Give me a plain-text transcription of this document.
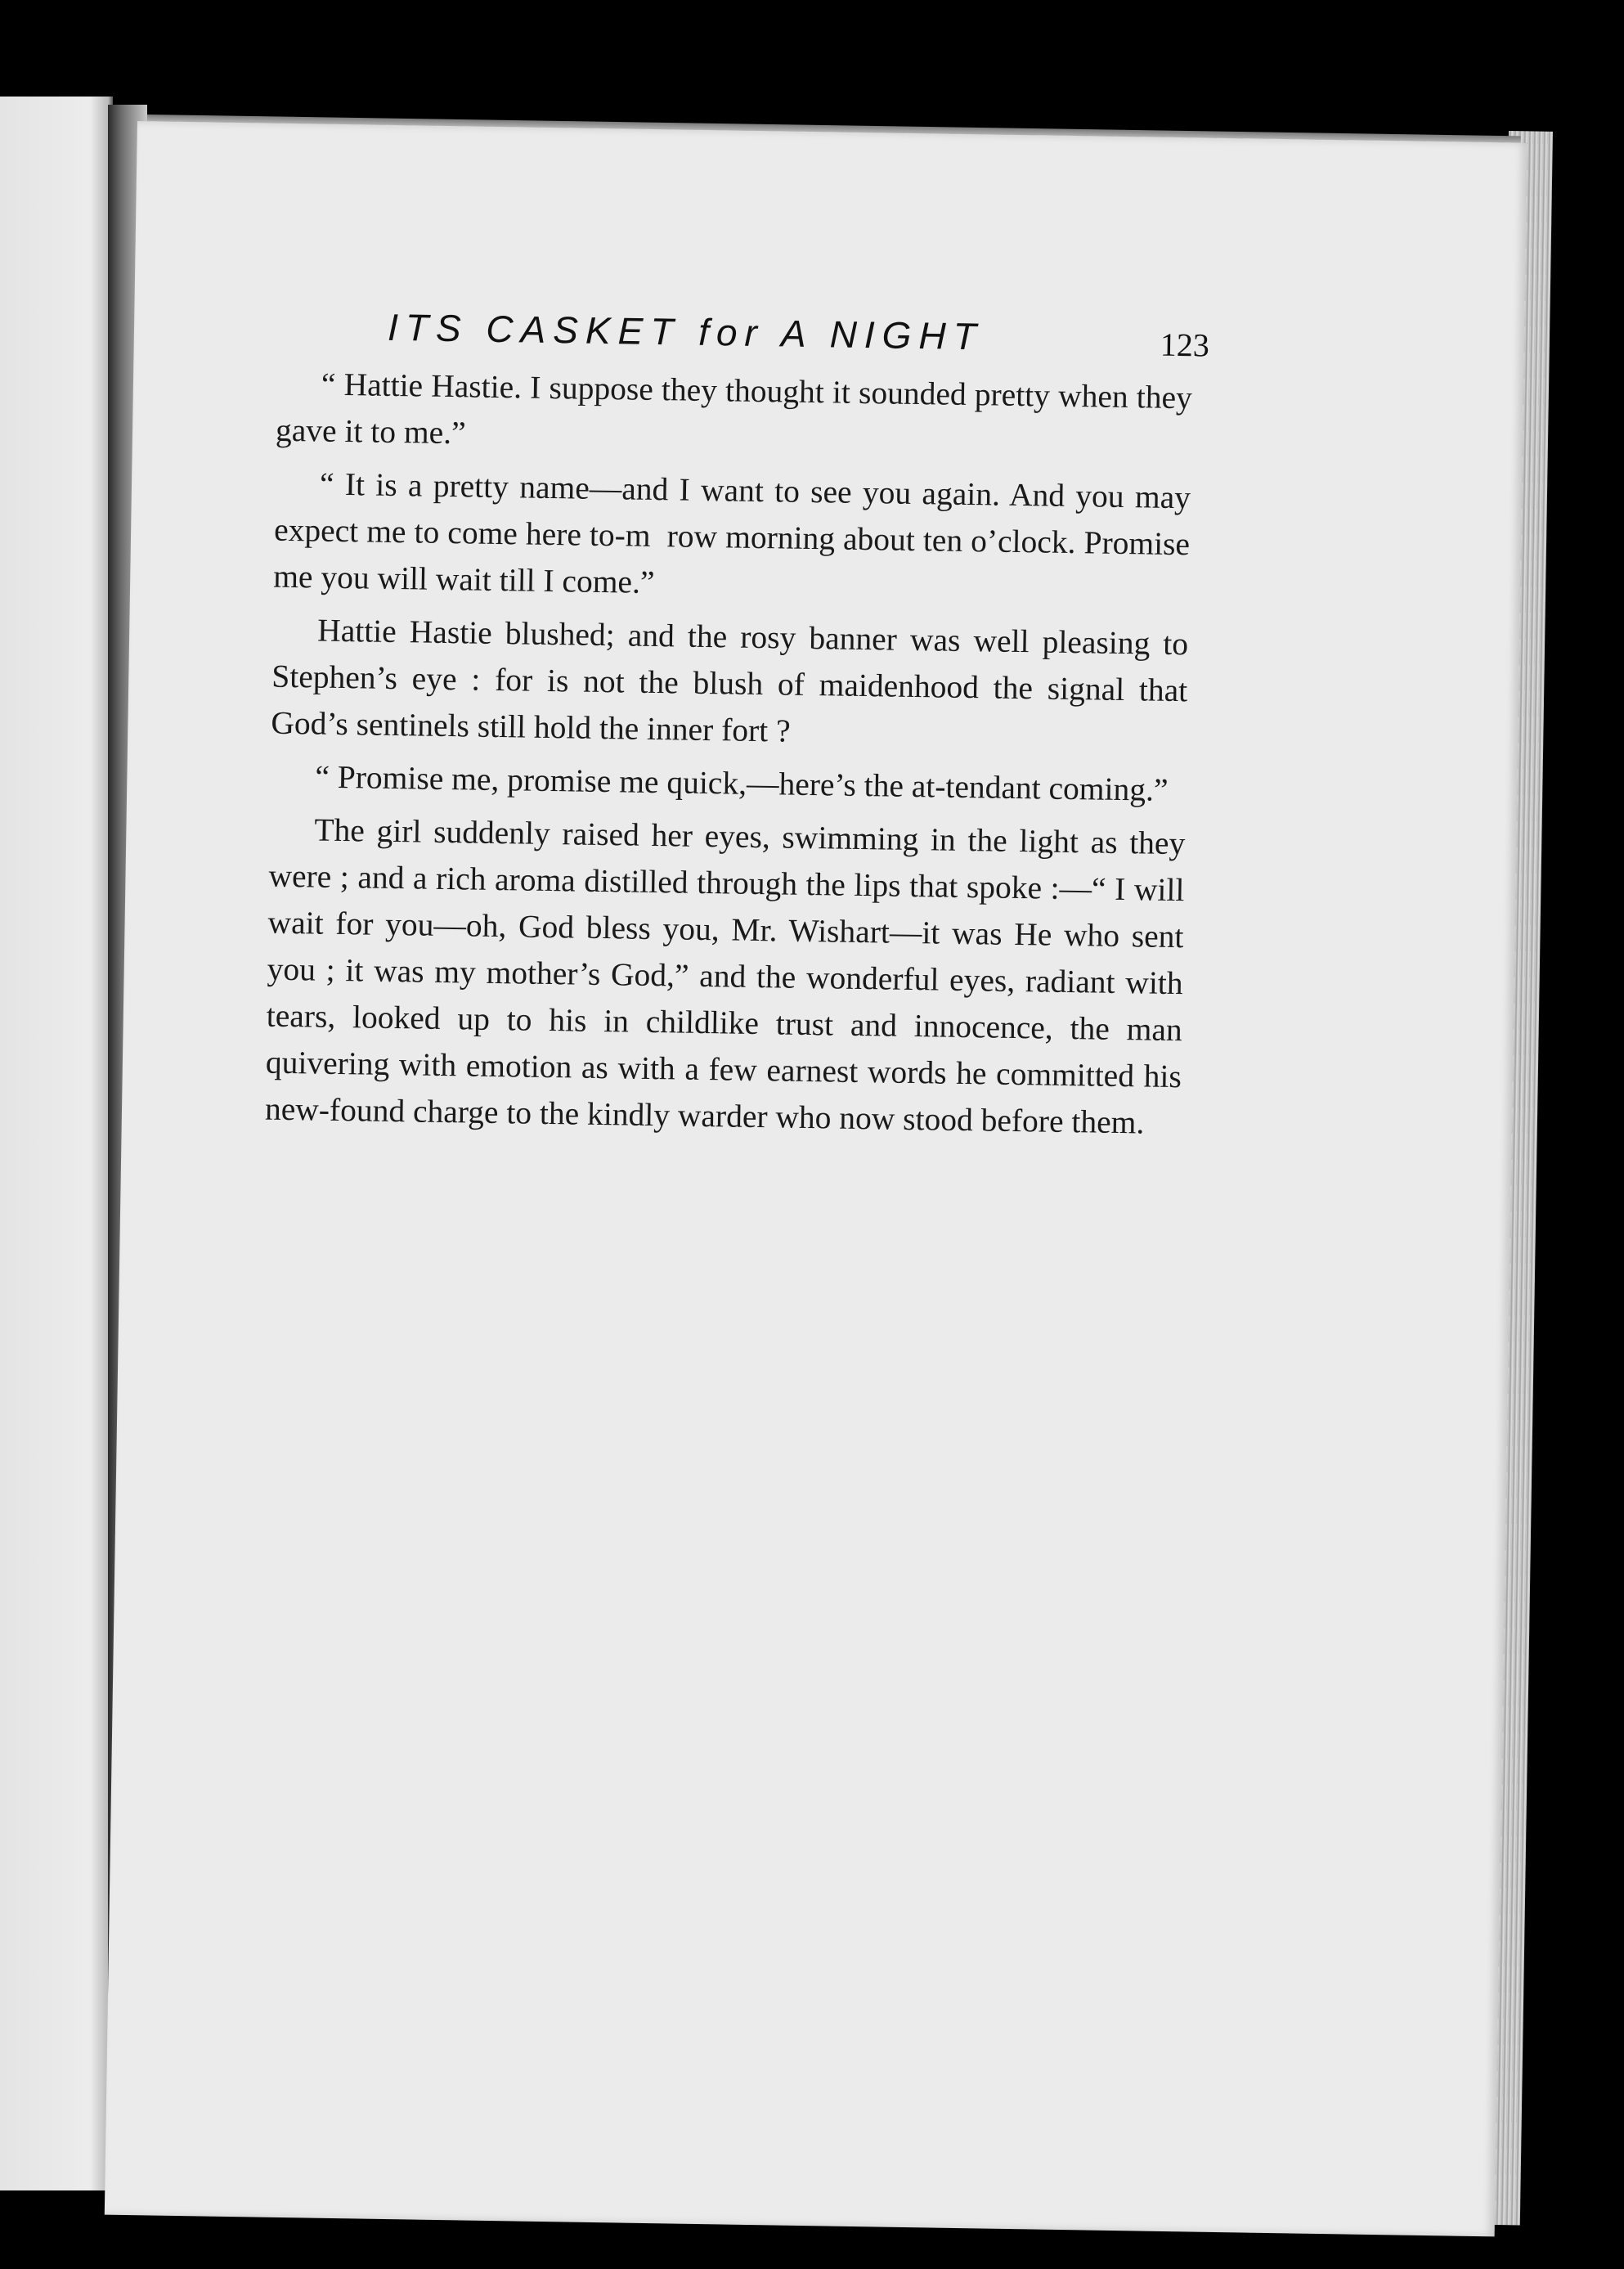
ITS CASKET for A NIGHT	123

“ Hattie Hastie. I suppose they thought it sounded pretty when they gave it to me.”

“ It is a pretty name—and I want to see you again. And you may expect me to come here to-m  row morning about ten o’clock. Promise me you will wait till I come.”

Hattie Hastie blushed; and the rosy banner was well pleasing to Stephen’s eye : for is not the blush of maidenhood the signal that God’s sentinels still hold the inner fort ?

“ Promise me, promise me quick,—here’s the at-tendant coming.”

The girl suddenly raised her eyes, swimming in the light as they were ; and a rich aroma distilled through the lips that spoke :—“ I will wait for you—oh, God bless you, Mr. Wishart—it was He who sent you ; it was my mother’s God,” and the wonderful eyes, radiant with tears, looked up to his in childlike trust and innocence, the man quivering with emotion as with a few earnest words he committed his new-found charge to the kindly warder who now stood before them.
